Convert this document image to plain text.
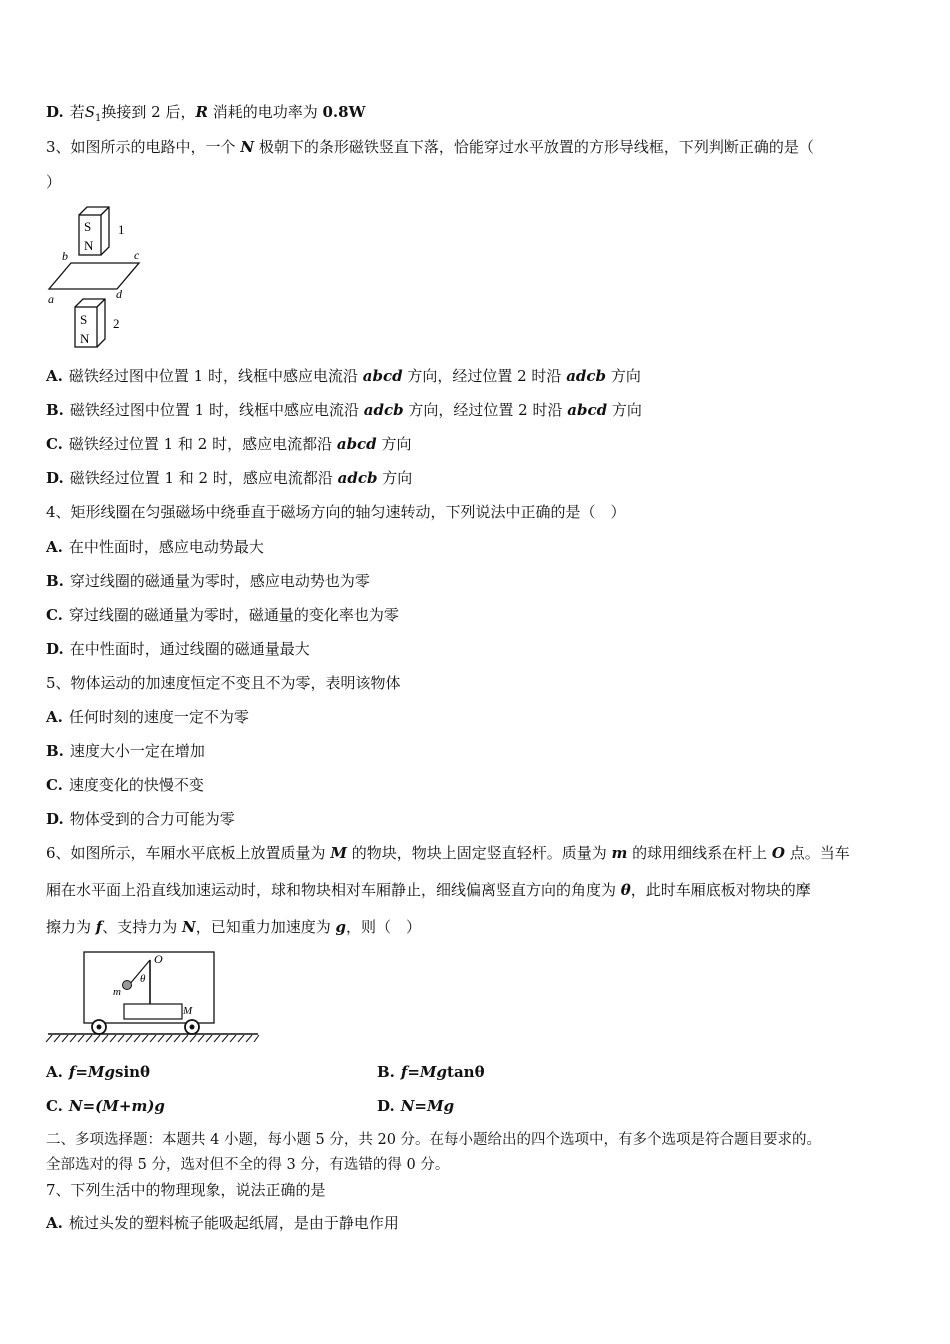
D. 若$S_1$换接到 2 后，R 消耗的电功率为 0.8W
3、如图所示的电路中，一个 N 极朝下的条形磁铁竖直下落，恰能穿过水平放置的方形导线框，下列判断正确的是（
）
S
N
1
b	c
a	d
S
N
2
A. 磁铁经过图中位置 1 时，线框中感应电流沿 abcd 方向，经过位置 2 时沿 adcb 方向
B. 磁铁经过图中位置 1 时，线框中感应电流沿 adcb 方向，经过位置 2 时沿 abcd 方向
C. 磁铁经过位置 1 和 2 时，感应电流都沿 abcd 方向
D. 磁铁经过位置 1 和 2 时，感应电流都沿 adcb 方向
4、矩形线圈在匀强磁场中绕垂直于磁场方向的轴匀速转动，下列说法中正确的是（　）
A. 在中性面时，感应电动势最大
B. 穿过线圈的磁通量为零时，感应电动势也为零
C. 穿过线圈的磁通量为零时，磁通量的变化率也为零
D. 在中性面时，通过线圈的磁通量最大
5、物体运动的加速度恒定不变且不为零，表明该物体
A. 任何时刻的速度一定不为零
B. 速度大小一定在增加
C. 速度变化的快慢不变
D. 物体受到的合力可能为零
6、如图所示，车厢水平底板上放置质量为 M 的物块，物块上固定竖直轻杆。质量为 m 的球用细线系在杆上 O 点。当车
厢在水平面上沿直线加速运动时，球和物块相对车厢静止，细线偏离竖直方向的角度为 θ，此时车厢底板对物块的摩
擦力为 f、支持力为 N，已知重力加速度为 g，则（　）
O
θ
m
M
A. f=Mgsinθ	B. f=Mgtanθ
C. N=(M+m)g	D. N=Mg
二、多项选择题：本题共 4 小题，每小题 5 分，共 20 分。在每小题给出的四个选项中，有多个选项是符合题目要求的。
全部选对的得 5 分，选对但不全的得 3 分，有选错的得 0 分。
7、下列生活中的物理现象，说法正确的是
A. 梳过头发的塑料梳子能吸起纸屑，是由于静电作用
